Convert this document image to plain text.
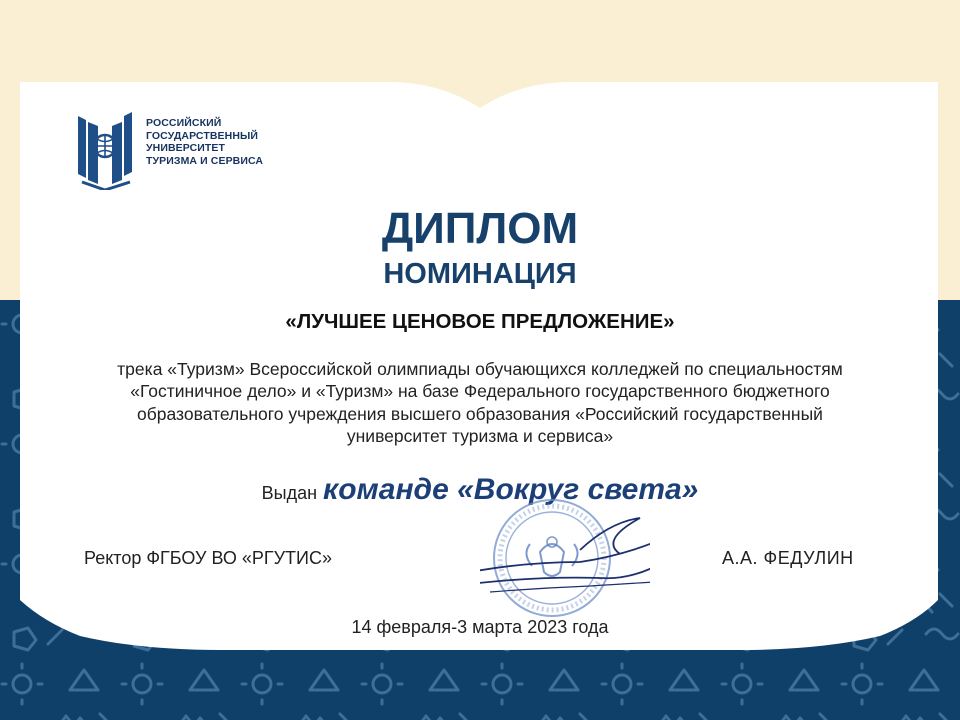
РОССИЙСКИЙ
ГОСУДАРСТВЕННЫЙ
УНИВЕРСИТЕТ
ТУРИЗМА И СЕРВИСА
ДИПЛОМ
НОМИНАЦИЯ
«ЛУЧШЕЕ ЦЕНОВОЕ ПРЕДЛОЖЕНИЕ»
трека «Туризм» Всероссийской олимпиады обучающихся колледжей по специальностям
«Гостиничное дело» и «Туризм» на базе Федерального государственного бюджетного
образовательного учреждения высшего образования «Российский государственный
университет туризма и сервиса»
Выдан команде «Вокруг света»
Ректор ФГБОУ ВО «РГУТИС»	А.А. ФЕДУЛИН
14 февраля-3 марта 2023 года
